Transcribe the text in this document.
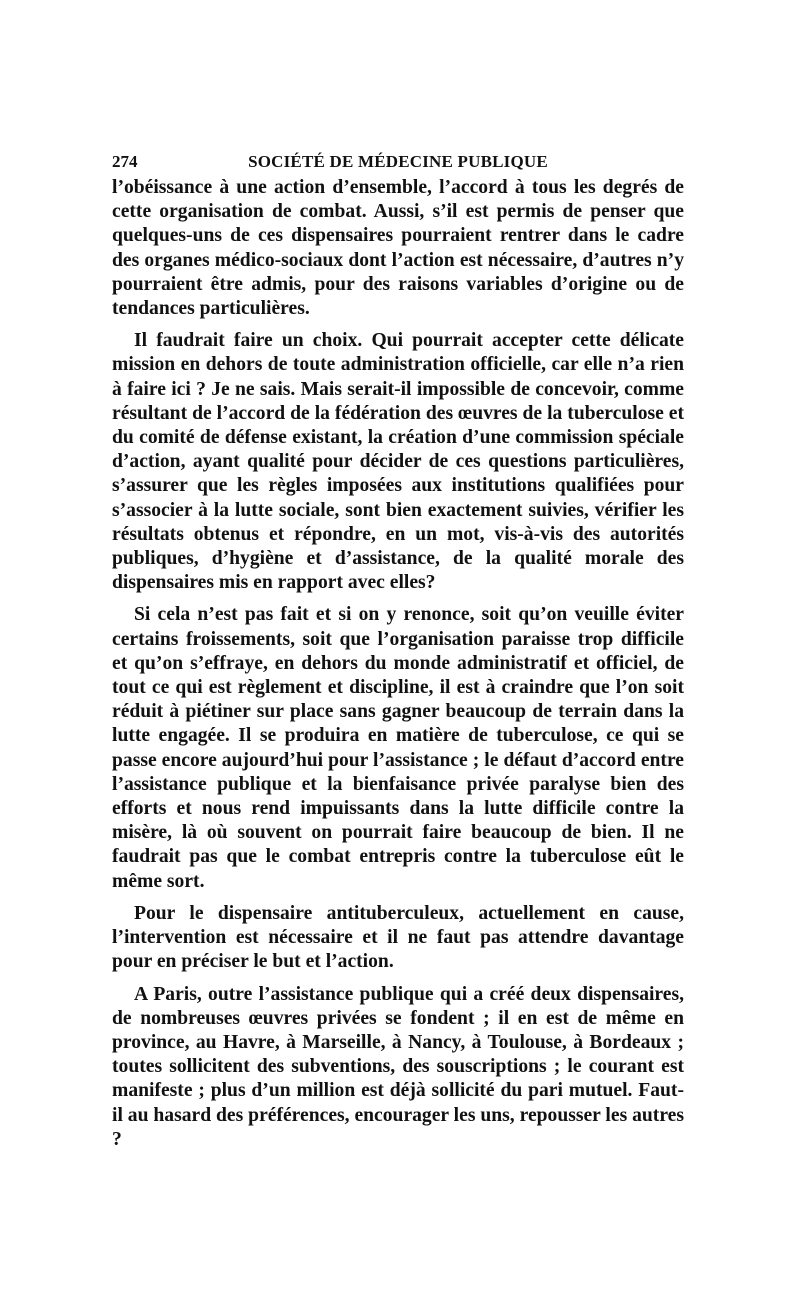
274	SOCIÉTÉ DE MÉDECINE PUBLIQUE

l’obéissance à une action d’ensemble, l’accord à tous les degrés de cette organisation de combat. Aussi, s’il est permis de penser que quelques-uns de ces dispensaires pourraient rentrer dans le cadre des organes médico-sociaux dont l’action est nécessaire, d’autres n’y pourraient être admis, pour des raisons variables d’origine ou de tendances particulières.

Il faudrait faire un choix. Qui pourrait accepter cette délicate mission en dehors de toute administration officielle, car elle n’a rien à faire ici ? Je ne sais. Mais serait-il impossible de concevoir, comme résultant de l’accord de la fédération des œuvres de la tuberculose et du comité de défense existant, la création d’une commission spéciale d’action, ayant qualité pour décider de ces questions particulières, s’assurer que les règles imposées aux institutions qualifiées pour s’associer à la lutte sociale, sont bien exactement suivies, vérifier les résultats obtenus et répondre, en un mot, vis-à-vis des autorités publiques, d’hygiène et d’assistance, de la qualité morale des dispensaires mis en rapport avec elles?

Si cela n’est pas fait et si on y renonce, soit qu’on veuille éviter certains froissements, soit que l’organisation paraisse trop difficile et qu’on s’effraye, en dehors du monde administratif et officiel, de tout ce qui est règlement et discipline, il est à craindre que l’on soit réduit à piétiner sur place sans gagner beaucoup de terrain dans la lutte engagée. Il se produira en matière de tuberculose, ce qui se passe encore aujourd’hui pour l’assistance ; le défaut d’accord entre l’assistance publique et la bienfaisance privée paralyse bien des efforts et nous rend impuissants dans la lutte difficile contre la misère, là où souvent on pourrait faire beaucoup de bien. Il ne faudrait pas que le combat entrepris contre la tuberculose eût le même sort.

Pour le dispensaire antituberculeux, actuellement en cause, l’intervention est nécessaire et il ne faut pas attendre davantage pour en préciser le but et l’action.

A Paris, outre l’assistance publique qui a créé deux dispensaires, de nombreuses œuvres privées se fondent ; il en est de même en province, au Havre, à Marseille, à Nancy, à Toulouse, à Bordeaux ; toutes sollicitent des subventions, des souscriptions ; le courant est manifeste ; plus d’un million est déjà sollicité du pari mutuel. Faut-il au hasard des préférences, encourager les uns, repousser les autres ?
